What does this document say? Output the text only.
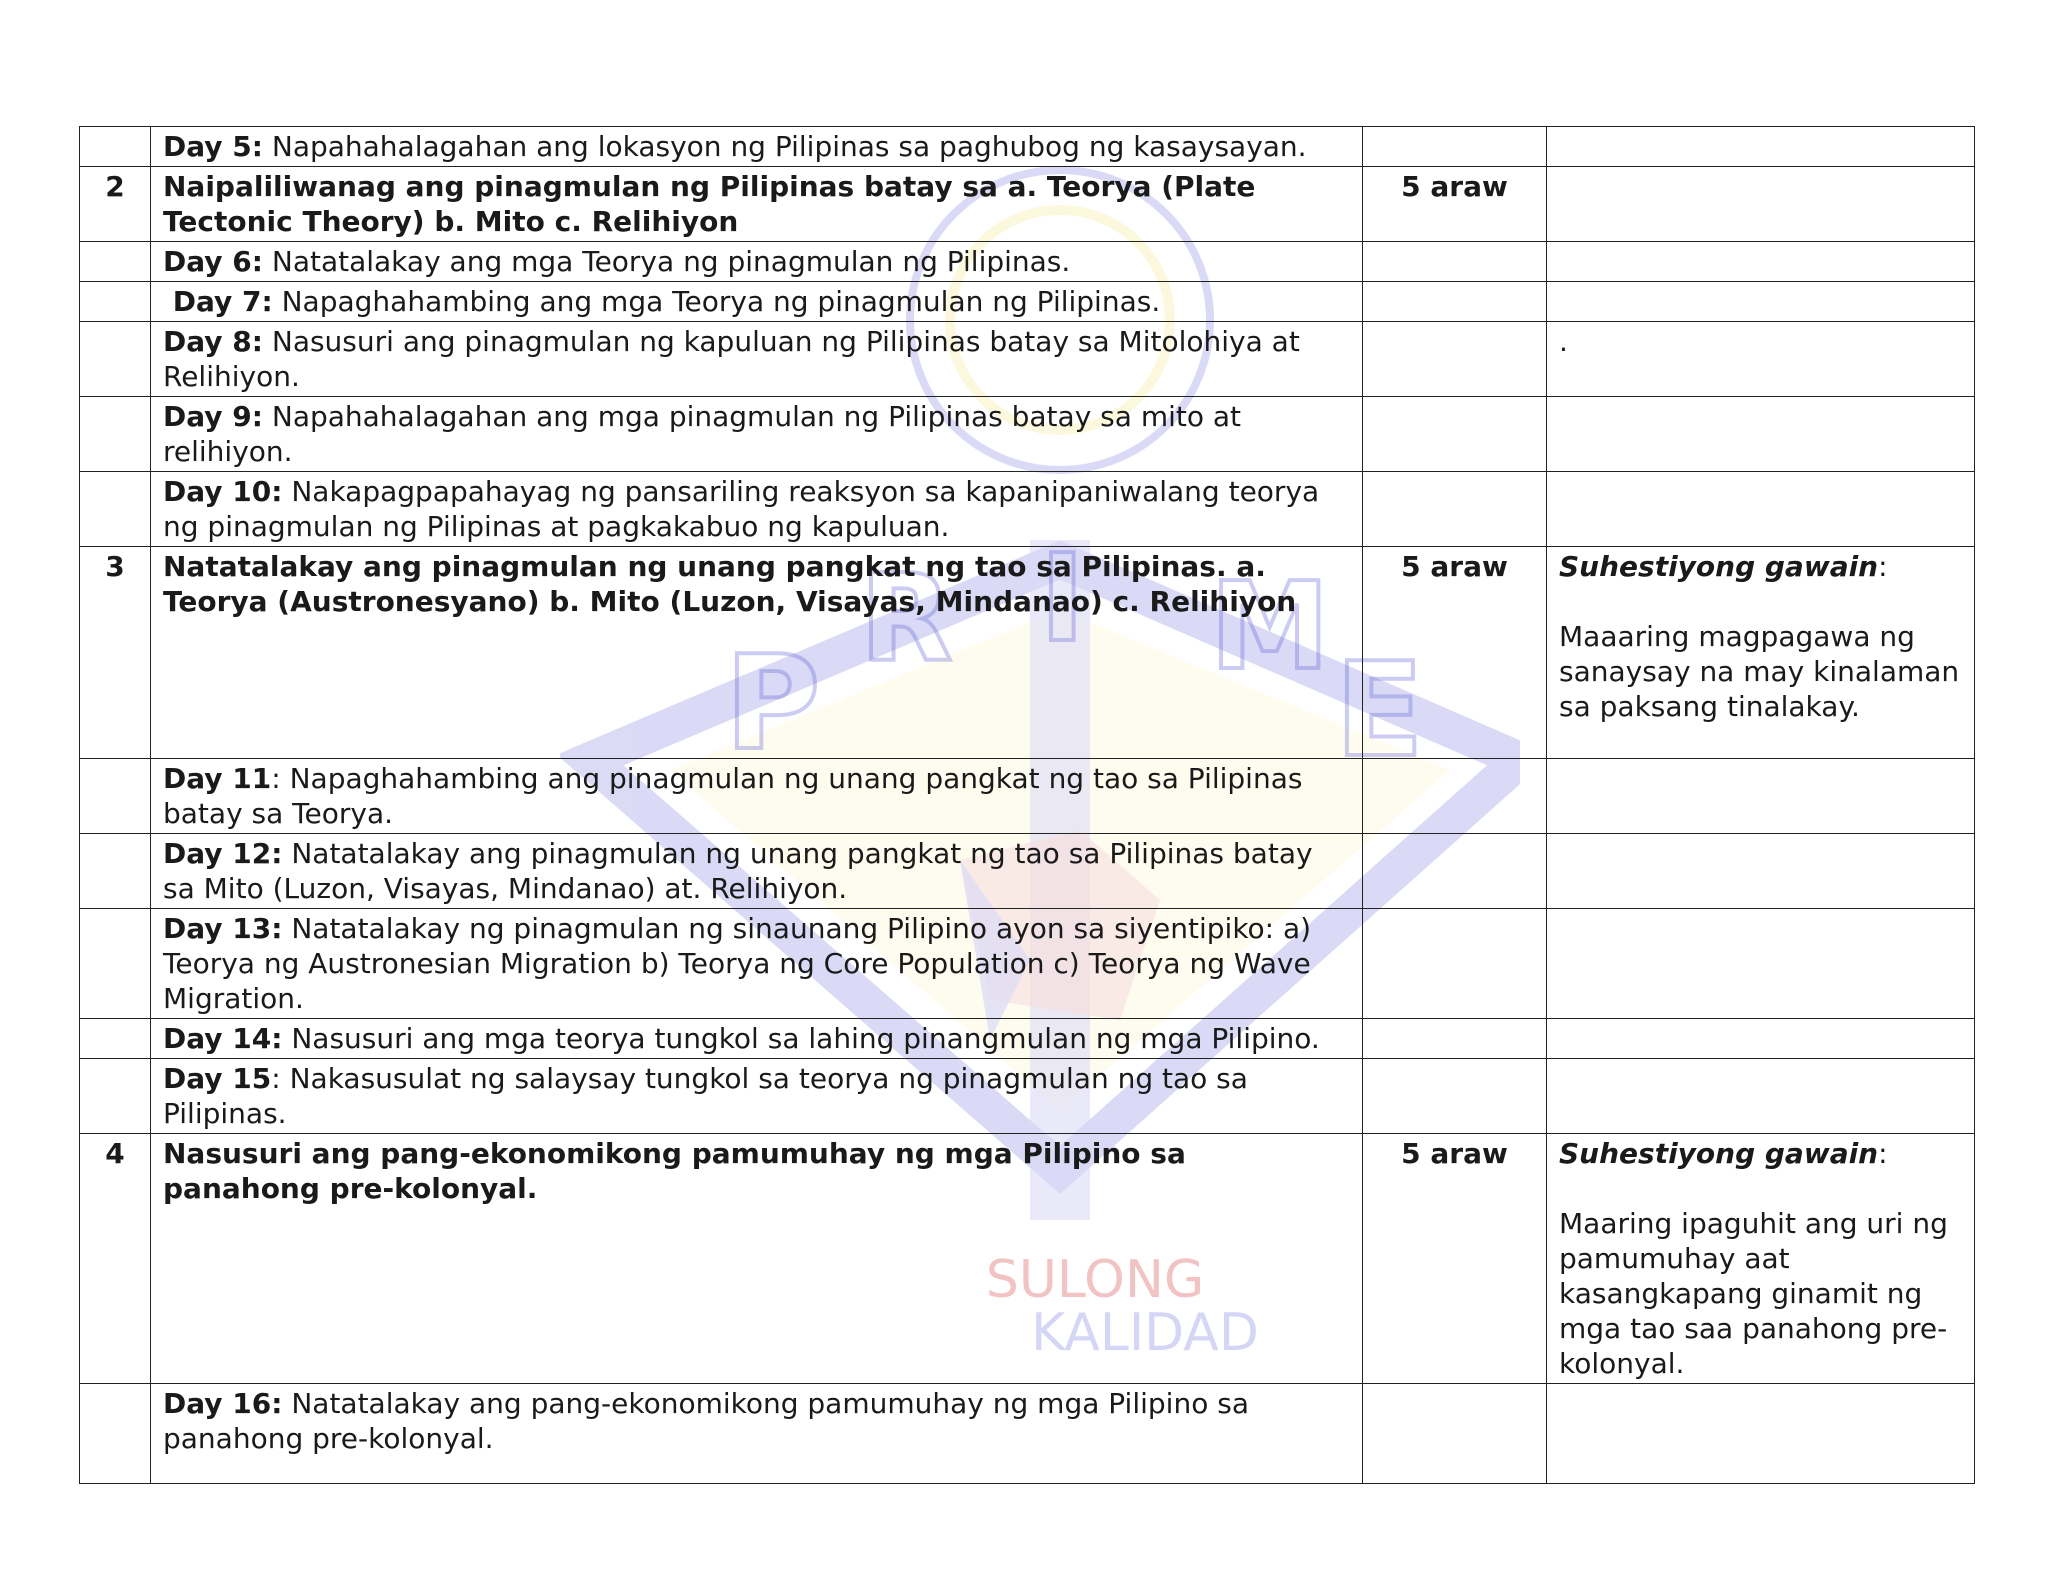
P
R I M
E
SULONG
KALIDAD
	Day 5: Napahahalagahan ang lokasyon ng Pilipinas sa paghubog ng kasaysayan.		
2	Naipaliliwanag ang pinagmulan ng Pilipinas batay sa a. Teorya (Plate Tectonic Theory) b. Mito c. Relihiyon	5 araw	
	Day 6: Natatalakay ang mga Teorya ng pinagmulan ng Pilipinas.		
	Day 7: Napaghahambing ang mga Teorya ng pinagmulan ng Pilipinas.		
	Day 8: Nasusuri ang pinagmulan ng kapuluan ng Pilipinas batay sa Mitolohiya at Relihiyon.		.
	Day 9: Napahahalagahan ang mga pinagmulan ng Pilipinas batay sa mito at relihiyon.		
	Day 10: Nakapagpapahayag ng pansariling reaksyon sa kapanipaniwalang teorya ng pinagmulan ng Pilipinas at pagkakabuo ng kapuluan.		
3	Natatalakay ang pinagmulan ng unang pangkat ng tao sa Pilipinas. a. Teorya (Austronesyano) b. Mito (Luzon, Visayas, Mindanao) c. Relihiyon	5 araw	Suhestiyong gawain:
Maaaring magpagawa ng sanaysay na may kinalaman sa paksang tinalakay.

	Day 11: Napaghahambing ang pinagmulan ng unang pangkat ng tao sa Pilipinas batay sa Teorya.		
	Day 12: Natatalakay ang pinagmulan ng unang pangkat ng tao sa Pilipinas batay sa Mito (Luzon, Visayas, Mindanao) at. Relihiyon.		
	Day 13: Natatalakay ng pinagmulan ng sinaunang Pilipino ayon sa siyentipiko: a) Teorya ng Austronesian Migration b) Teorya ng Core Population c) Teorya ng Wave Migration.		
	Day 14: Nasusuri ang mga teorya tungkol sa lahing pinangmulan ng mga Pilipino.		
	Day 15: Nakasusulat ng salaysay tungkol sa teorya ng pinagmulan ng tao sa Pilipinas.		
4	Nasusuri ang pang-ekonomikong pamumuhay ng mga Pilipino sa panahong pre-kolonyal.	5 araw	Suhestiyong gawain:
Maaring ipaguhit ang uri ng pamumuhay aat kasangkapang ginamit ng mga tao saa panahong pre-kolonyal.

	Day 16: Natatalakay ang pang-ekonomikong pamumuhay ng mga Pilipino sa panahong pre-kolonyal.		
